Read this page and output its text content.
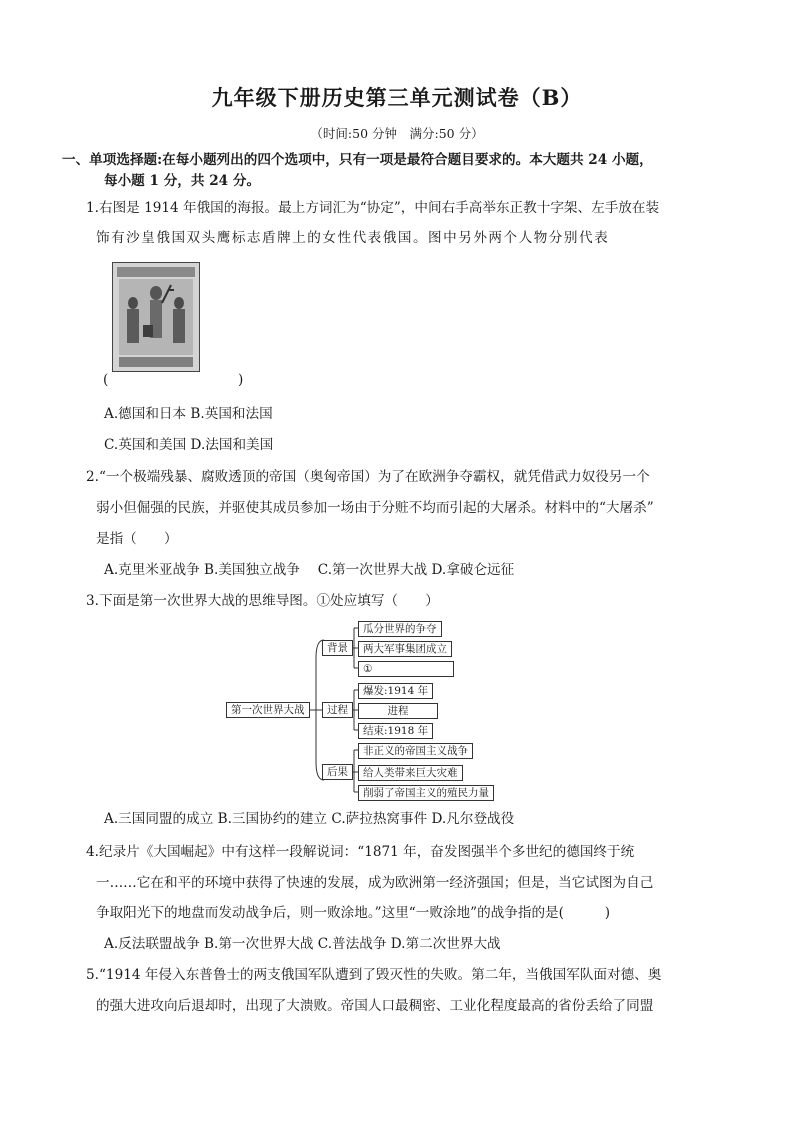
九年级下册历史第三单元测试卷（B）
（时间:50 分钟　满分:50 分）
一、单项选择题:在每小题列出的四个选项中，只有一项是最符合题目要求的。本大题共 24 小题，
每小题 1 分，共 24 分。
1.右图是 1914 年俄国的海报。最上方词汇为“协定”，中间右手高举东正教十字架、左手放在装
饰有沙皇俄国双头鹰标志盾牌上的女性代表俄国。图中另外两个人物分别代表
(	)
A.德国和日本 B.英国和法国
C.英国和美国 D.法国和美国
2.“一个极端残暴、腐败透顶的帝国（奥匈帝国）为了在欧洲争夺霸权，就凭借武力奴役另一个
弱小但倔强的民族，并驱使其成员参加一场由于分赃不均而引起的大屠杀。材料中的“大屠杀”
是指（　　）
A.克里米亚战争 B.美国独立战争　 C.第一次世界大战 D.拿破仑远征
3.下面是第一次世界大战的思维导图。①处应填写（　　）
第一次世界大战
背景
过程
后果
瓜分世界的争夺
两大军事集团成立
①
爆发:1914 年
进程
结束:1918 年
非正义的帝国主义战争
给人类带来巨大灾难
削弱了帝国主义的殖民力量
A.三国同盟的成立 B.三国协约的建立 C.萨拉热窝事件 D.凡尔登战役
4.纪录片《大国崛起》中有这样一段解说词：“1871 年，奋发图强半个多世纪的德国终于统
一……它在和平的环境中获得了快速的发展，成为欧洲第一经济强国；但是，当它试图为自己
争取阳光下的地盘而发动战争后，则一败涂地。”这里“一败涂地”的战争指的是(　　　)
A.反法联盟战争 B.第一次世界大战 C.普法战争 D.第二次世界大战
5.“1914 年侵入东普鲁士的两支俄国军队遭到了毁灭性的失败。第二年，当俄国军队面对德、奥
的强大进攻向后退却时，出现了大溃败。帝国人口最稠密、工业化程度最高的省份丢给了同盟
